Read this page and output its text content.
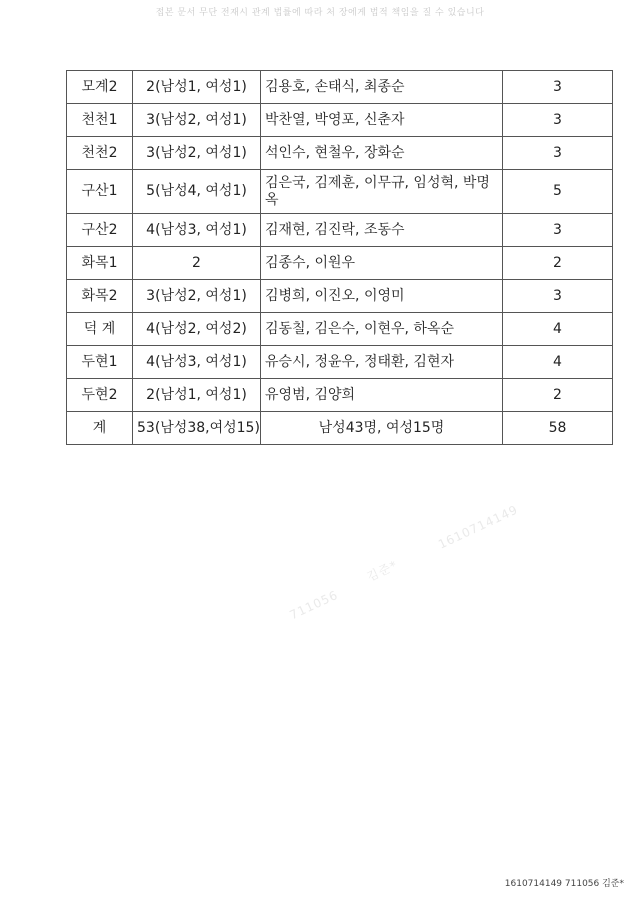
접본 문서 무단 전재시 관계 법률에 따라 처 장에게 법적 책임을 질 수 있습니다
모계2	2(남성1, 여성1)	김용호, 손태식, 최종순	3
천천1	3(남성2, 여성1)	박찬열, 박영포, 신춘자	3
천천2	3(남성2, 여성1)	석인수, 현철우, 장화순	3
구산1	5(남성4, 여성1)	김은국, 김제훈, 이무규, 임성혁, 박명옥	5
구산2	4(남성3, 여성1)	김재현, 김진락, 조동수	3
화목1	2	김종수, 이원우	2
화목2	3(남성2, 여성1)	김병희, 이진오, 이영미	3
덕 계	4(남성2, 여성2)	김동칠, 김은수, 이현우, 하옥순	4
두현1	4(남성3, 여성1)	유승시, 정윤우, 정태환, 김현자	4
두현2	2(남성1, 여성1)	유영범, 김양희	2
계	53(남성38,여성15)	남성43명, 여성15명	58
1610714149
김준*
711056
1610714149 711056 김준*
